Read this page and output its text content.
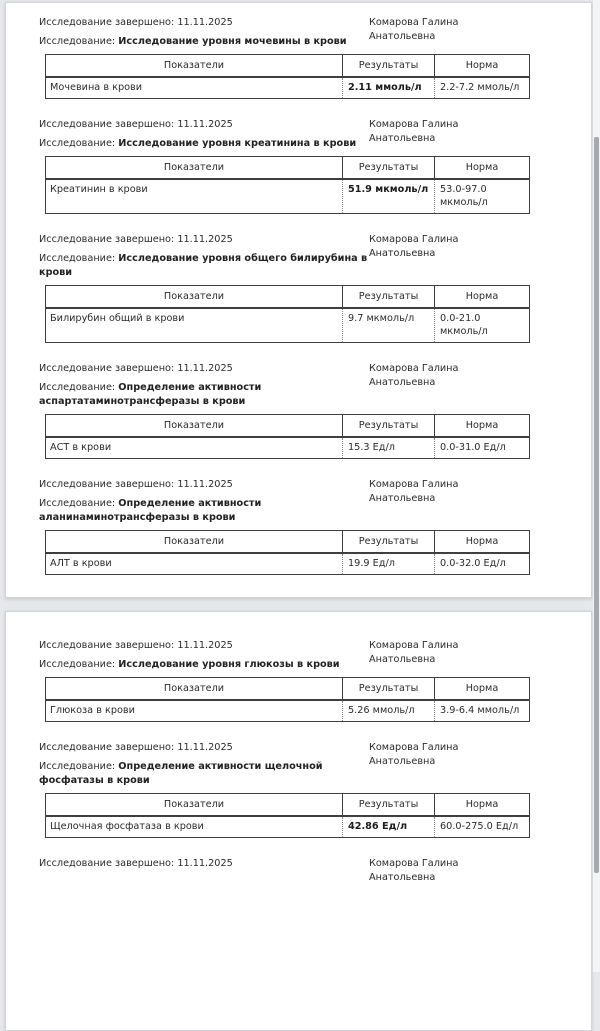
Исследование завершено: 11.11.2025	Комарова Галина Анатольевна
Исследование: Исследование уровня мочевины в крови
Показатели	Результаты	Норма
Мочевина в крови	2.11 ммоль/л	2.2-7.2 ммоль/л
Исследование завершено: 11.11.2025	Комарова Галина Анатольевна
Исследование: Исследование уровня креатинина в крови
Показатели	Результаты	Норма
Креатинин в крови	51.9 мкмоль/л	53.0-97.0 мкмоль/л
Исследование завершено: 11.11.2025	Комарова Галина Анатольевна
Исследование: Исследование уровня общего билирубина в крови
Показатели	Результаты	Норма
Билирубин общий в крови	9.7 мкмоль/л	0.0-21.0 мкмоль/л
Исследование завершено: 11.11.2025	Комарова Галина Анатольевна
Исследование: Определение активности аспартатаминотрансферазы в крови
Показатели	Результаты	Норма
АСТ в крови	15.3 Ед/л	0.0-31.0 Ед/л
Исследование завершено: 11.11.2025	Комарова Галина Анатольевна
Исследование: Определение активности аланинаминотрансферазы в крови
Показатели	Результаты	Норма
АЛТ в крови	19.9 Ед/л	0.0-32.0 Ед/л
Исследование завершено: 11.11.2025	Комарова Галина Анатольевна
Исследование: Исследование уровня глюкозы в крови
Показатели	Результаты	Норма
Глюкоза в крови	5.26 ммоль/л	3.9-6.4 ммоль/л
Исследование завершено: 11.11.2025	Комарова Галина Анатольевна
Исследование: Определение активности щелочной фосфатазы в крови
Показатели	Результаты	Норма
Щелочная фосфатаза в крови	42.86 Ед/л	60.0-275.0 Ед/л
Исследование завершено: 11.11.2025	Комарова Галина Анатольевна
